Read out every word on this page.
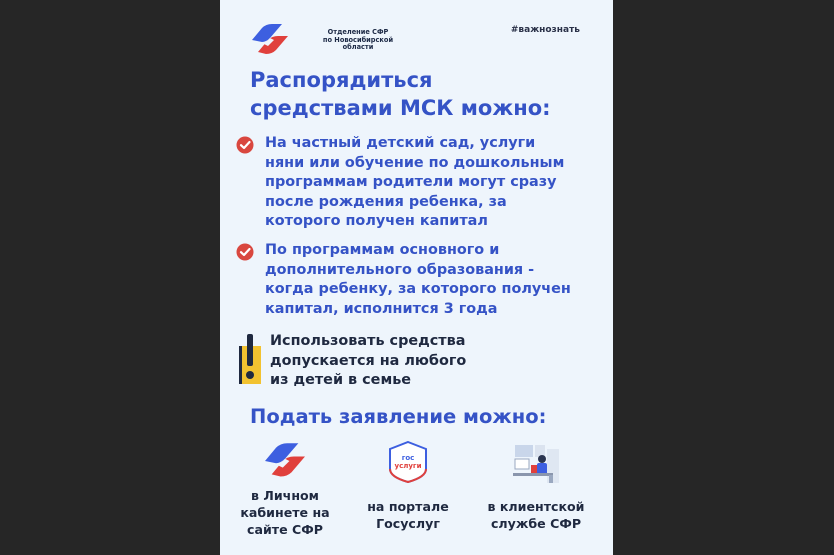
Отделение СФР
по Новосибирской
области
#важнознать
Распорядиться
средствами МСК можно:
На частный детский сад, услуги
няни или обучение по дошкольным
программам родители могут сразу
после рождения ребенка, за
которого получен капитал
По программам основного и
дополнительного образования -
когда ребенку, за которого получен
капитал, исполнится 3 года
Использовать средства
допускается на любого
из детей в семье
Подать заявление можно:
в Личном
кабинете на
сайте СФР
гос
услуги
на портале
Госуслуг
в клиентской
службе СФР
